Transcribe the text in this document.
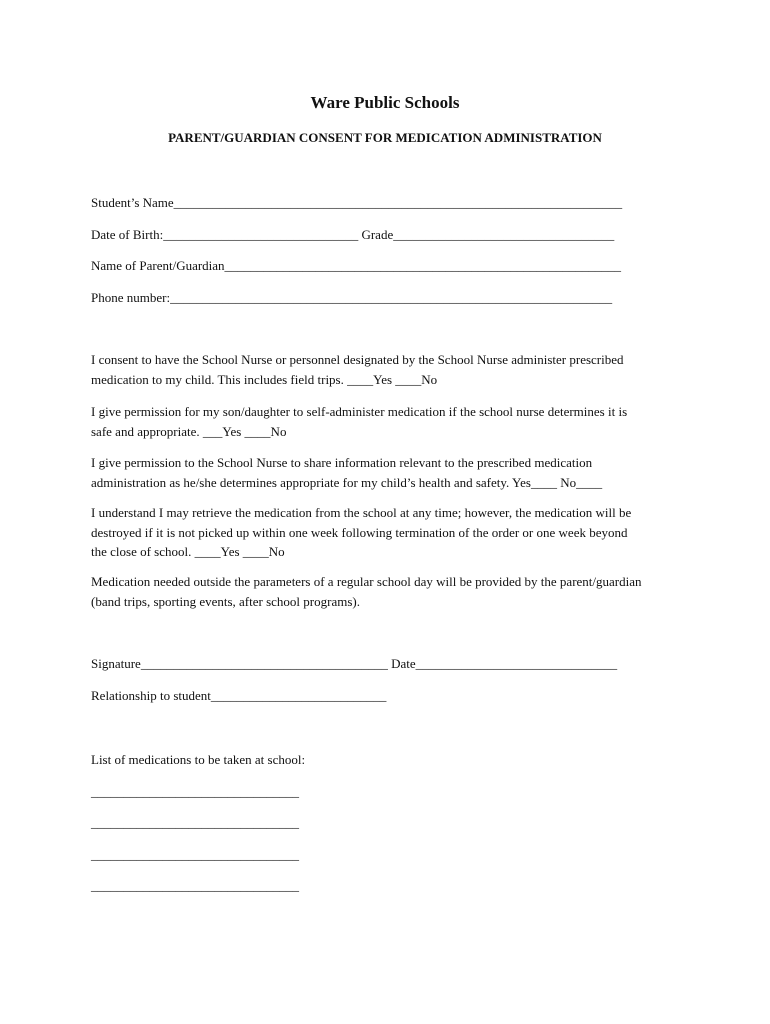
Ware Public Schools
PARENT/GUARDIAN CONSENT FOR MEDICATION ADMINISTRATION
Student’s Name_____________________________________________________________________
Date of Birth:______________________________ Grade__________________________________
Name of Parent/Guardian_____________________________________________________________
Phone number:____________________________________________________________________
I consent to have the School Nurse or personnel designated by the School Nurse administer prescribed
medication to my child. This includes field trips. ____Yes ____No
I give permission for my son/daughter to self-administer medication if the school nurse determines it is
safe and appropriate. ___Yes ____No
I give permission to the School Nurse to share information relevant to the prescribed medication
administration as he/she determines appropriate for my child’s health and safety. Yes____ No____
I understand I may retrieve the medication from the school at any time; however, the medication will be
destroyed if it is not picked up within one week following termination of the order or one week beyond
the close of school. ____Yes ____No
Medication needed outside the parameters of a regular school day will be provided by the parent/guardian
(band trips, sporting events, after school programs).
Signature______________________________________ Date_______________________________
Relationship to student___________________________
List of medications to be taken at school:
________________________________
________________________________
________________________________
________________________________
